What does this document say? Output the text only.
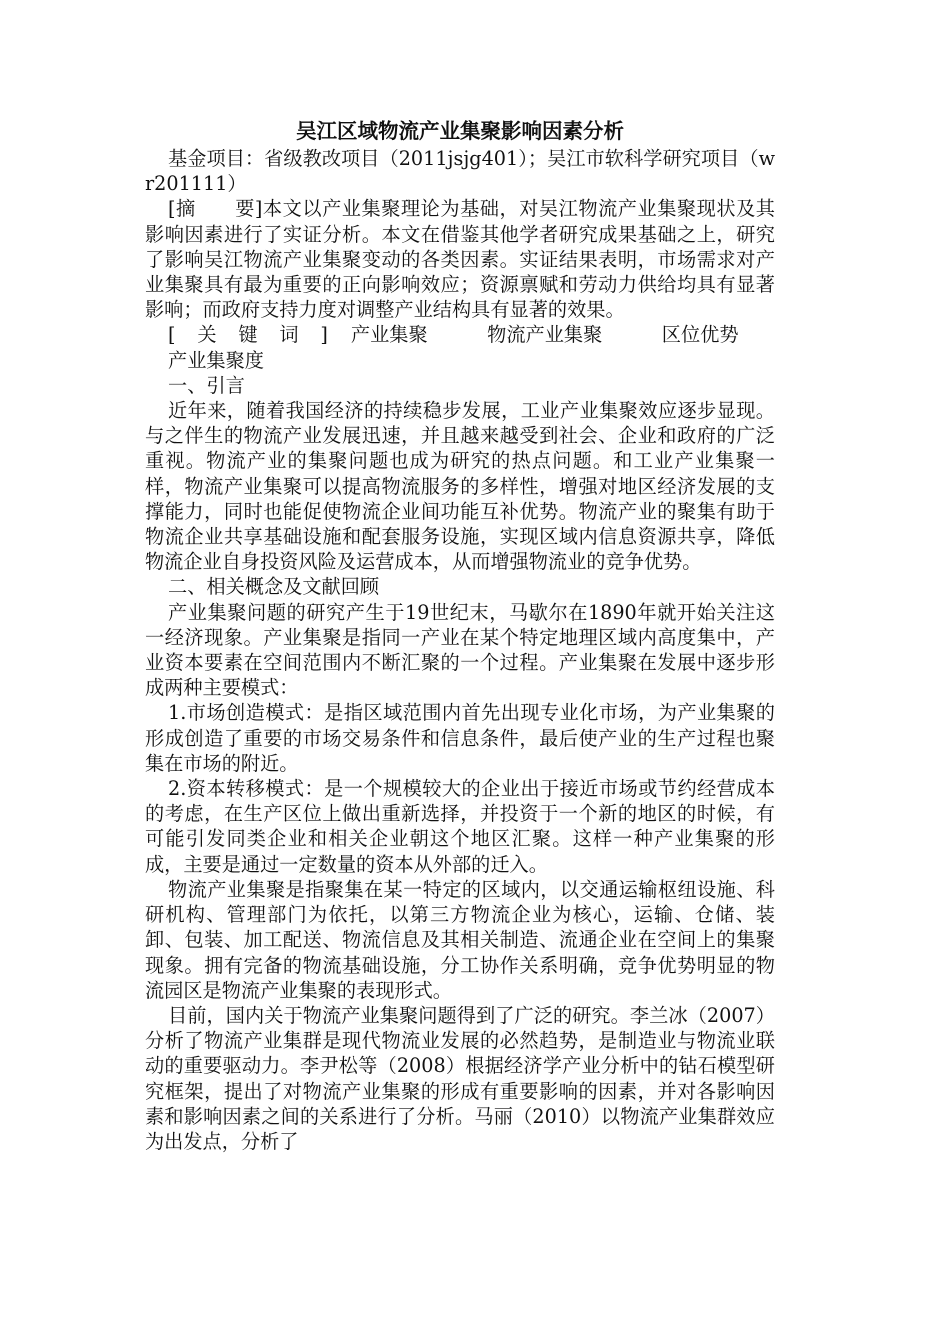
吴江区域物流产业集聚影响因素分析

基金项目：省级教改项目（2011jsjg401）；吴江市软科学研究项目（wr201111）

[摘　　要]本文以产业集聚理论为基础，对吴江物流产业集聚现状及其影响因素进行了实证分析。本文在借鉴其他学者研究成果基础之上，研究了影响吴江物流产业集聚变动的各类因素。实证结果表明，市场需求对产业集聚具有最为重要的正向影响效应；资源禀赋和劳动力供给均具有显著影响；而政府支持力度对调整产业结构具有显著的效果。

[关键词] 产业集聚	物流产业集聚	区位优势产业集聚度

一、引言

近年来，随着我国经济的持续稳步发展，工业产业集聚效应逐步显现。与之伴生的物流产业发展迅速，并且越来越受到社会、企业和政府的广泛重视。物流产业的集聚问题也成为研究的热点问题。和工业产业集聚一样，物流产业集聚可以提高物流服务的多样性，增强对地区经济发展的支撑能力，同时也能促使物流企业间功能互补优势。物流产业的聚集有助于物流企业共享基础设施和配套服务设施，实现区域内信息资源共享，降低物流企业自身投资风险及运营成本，从而增强物流业的竞争优势。

二、相关概念及文献回顾

产业集聚问题的研究产生于19世纪末，马歇尔在1890年就开始关注这一经济现象。产业集聚是指同一产业在某个特定地理区域内高度集中，产业资本要素在空间范围内不断汇聚的一个过程。产业集聚在发展中逐步形成两种主要模式：

1.市场创造模式：是指区域范围内首先出现专业化市场，为产业集聚的形成创造了重要的市场交易条件和信息条件，最后使产业的生产过程也聚集在市场的附近。

2.资本转移模式：是一个规模较大的企业出于接近市场或节约经营成本的考虑，在生产区位上做出重新选择，并投资于一个新的地区的时候，有可能引发同类企业和相关企业朝这个地区汇聚。这样一种产业集聚的形成，主要是通过一定数量的资本从外部的迁入。

物流产业集聚是指聚集在某一特定的区域内，以交通运输枢纽设施、科研机构、管理部门为依托，以第三方物流企业为核心，运输、仓储、装卸、包装、加工配送、物流信息及其相关制造、流通企业在空间上的集聚现象。拥有完备的物流基础设施，分工协作关系明确，竞争优势明显的物流园区是物流产业集聚的表现形式。

目前，国内关于物流产业集聚问题得到了广泛的研究。李兰冰（2007）分析了物流产业集群是现代物流业发展的必然趋势，是制造业与物流业联动的重要驱动力。李尹松等（2008）根据经济学产业分析中的钻石模型研究框架，提出了对物流产业集聚的形成有重要影响的因素，并对各影响因素和影响因素之间的关系进行了分析。马丽（2010）以物流产业集群效应为出发点，分析了
